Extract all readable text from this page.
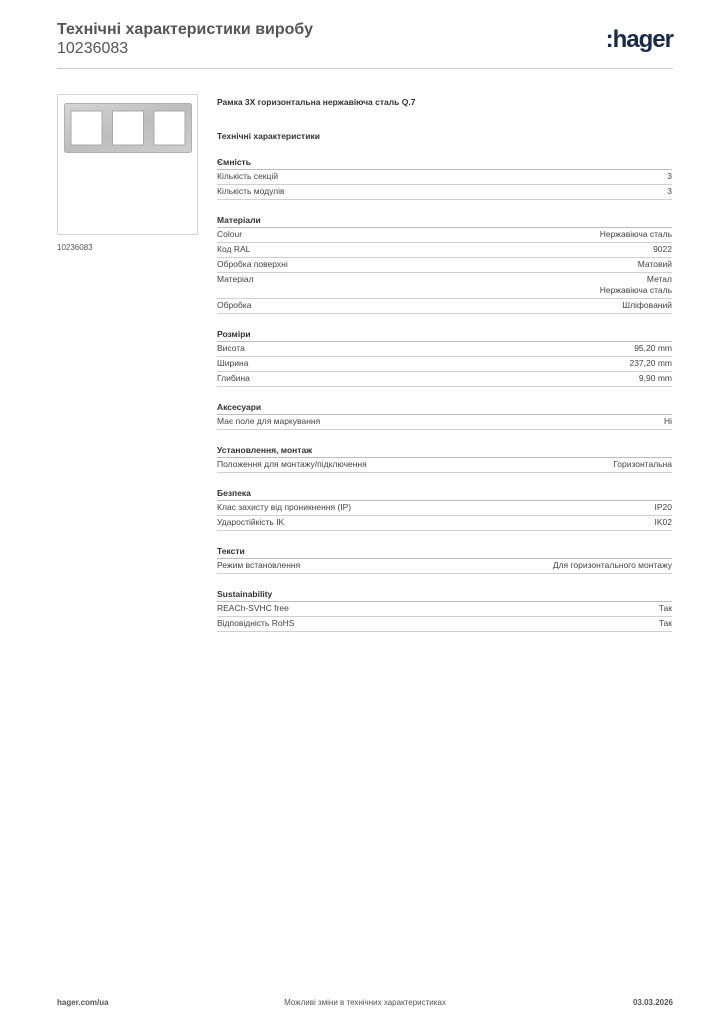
Технічні характеристики виробу
10236083	:hager
10236083
Рамка 3X горизонтальна нержавіюча сталь Q.7
Технічні характеристики
Ємність
Кількість секцій	3
Кількість модулів	3
Матеріали
Colour	Нержавіюча сталь
Код RAL	9022
Обробка поверхні	Матовий
Матеріал	Метал
Нержавіюча сталь
Обробка	Шліфований
Розміри
Висота	95,20 mm
Ширина	237,20 mm
Глибина	9,90 mm
Аксесуари
Має поле для маркування	Ні
Установлення, монтаж
Положення для монтажу/підключення	Горизонтальна
Безпека
Клас захисту від проникнення (IP)	IP20
Ударостійкість IK	IK02
Тексти
Режим встановлення	Для горизонтального монтажу
Sustainability
REACh-SVHC free	Так
Відповідність RoHS	Так
hager.com/ua	Можливі зміни в технічних характеристиках	03.03.2026
